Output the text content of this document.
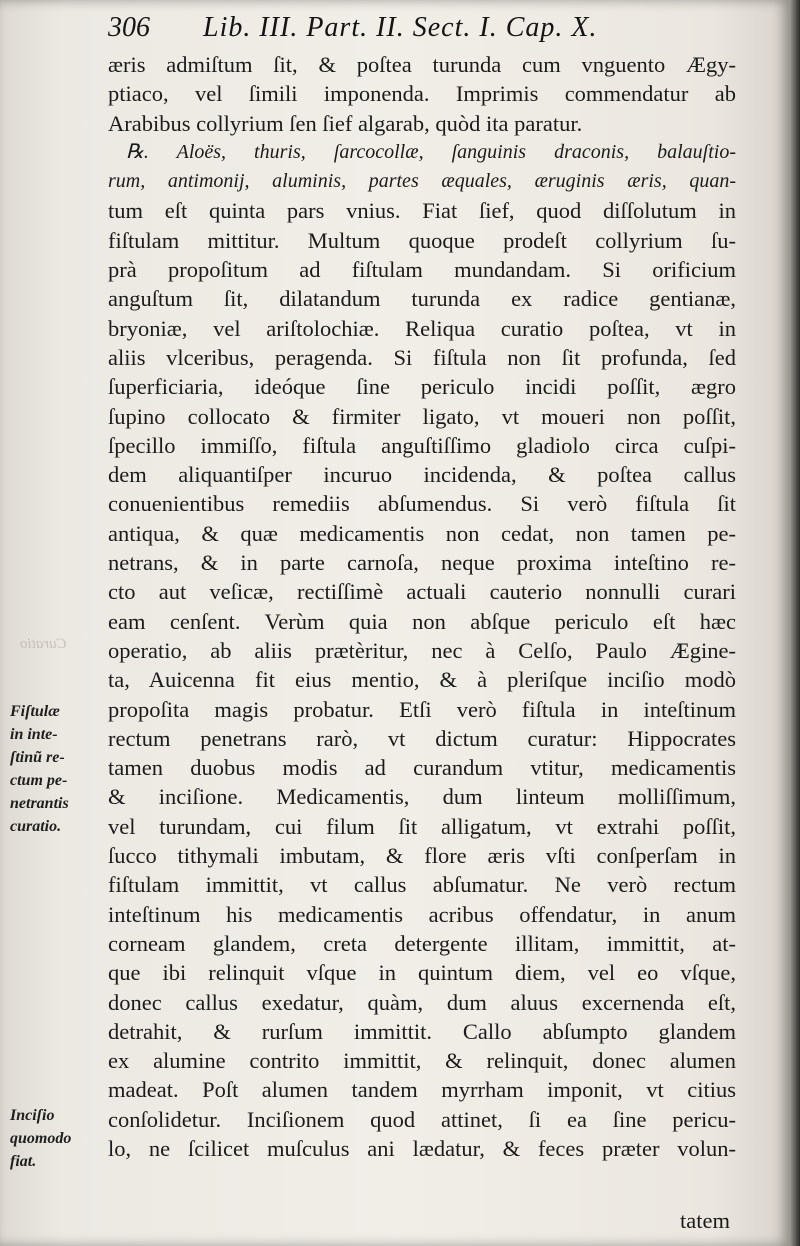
306 Lib. III. Part. II. Sect. I. Cap. X.
æris admiſtum ſit, & poſtea turunda cum vnguento Ægy-
ptiaco, vel ſimili imponenda. Imprimis commendatur ab
Arabibus collyrium ſen ſief algarab, quòd ita paratur.
℞. Aloës, thuris, ſarcocollæ, ſanguinis draconis, balauſtio-
rum, antimonij, aluminis, partes æquales, æruginis æris, quan-
tum eſt quinta pars vnius. Fiat ſief, quod diſſolutum in
fiſtulam mittitur. Multum quoque prodeſt collyrium ſu-
prà propoſitum ad fiſtulam mundandam. Si orificium
anguſtum ſit, dilatandum turunda ex radice gentianæ,
bryoniæ, vel ariſtolochiæ. Reliqua curatio poſtea, vt in
aliis vlceribus, peragenda. Si fiſtula non ſit profunda, ſed
ſuperficiaria, ideóque ſine periculo incidi poſſit, ægro
ſupino collocato & firmiter ligato, vt moueri non poſſit,
ſpecillo immiſſo, fiſtula anguſtiſſimo gladiolo circa cuſpi-
dem aliquantiſper incuruo incidenda, & poſtea callus
conuenientibus remediis abſumendus. Si verò fiſtula ſit
antiqua, & quæ medicamentis non cedat, non tamen pe-
netrans, & in parte carnoſa, neque proxima inteſtino re-
cto aut veſicæ, rectiſſimè actuali cauterio nonnulli curari
eam cenſent. Verùm quia non abſque periculo eſt hæc
operatio, ab aliis prætèritur, nec à Celſo, Paulo Ægine-
ta, Auicenna fit eius mentio, & à pleriſque inciſio modò
propoſita magis probatur. Etſi verò fiſtula in inteſtinum
rectum penetrans rarò, vt dictum curatur: Hippocrates
tamen duobus modis ad curandum vtitur, medicamentis
& inciſione. Medicamentis, dum linteum molliſſimum,
vel turundam, cui filum ſit alligatum, vt extrahi poſſit,
ſucco tithymali imbutam, & flore æris vſti conſperſam in
fiſtulam immittit, vt callus abſumatur. Ne verò rectum
inteſtinum his medicamentis acribus offendatur, in anum
corneam glandem, creta detergente illitam, immittit, at-
que ibi relinquit vſque in quintum diem, vel eo vſque,
donec callus exedatur, quàm, dum aluus excernenda eſt,
detrahit, & rurſum immittit. Callo abſumpto glandem
ex alumine contrito immittit, & relinquit, donec alumen
madeat. Poſt alumen tandem myrrham imponit, vt citius
conſolidetur. Inciſionem quod attinet, ſi ea ſine pericu-
lo, ne ſcilicet muſculus ani lædatur, & feces præter volun-
tatem
Fiſtulæ
in inte-
ſtinũ re-
ctum pe-
netrantis
curatio.
Inciſio
quomodo
fiat.
Curatio
